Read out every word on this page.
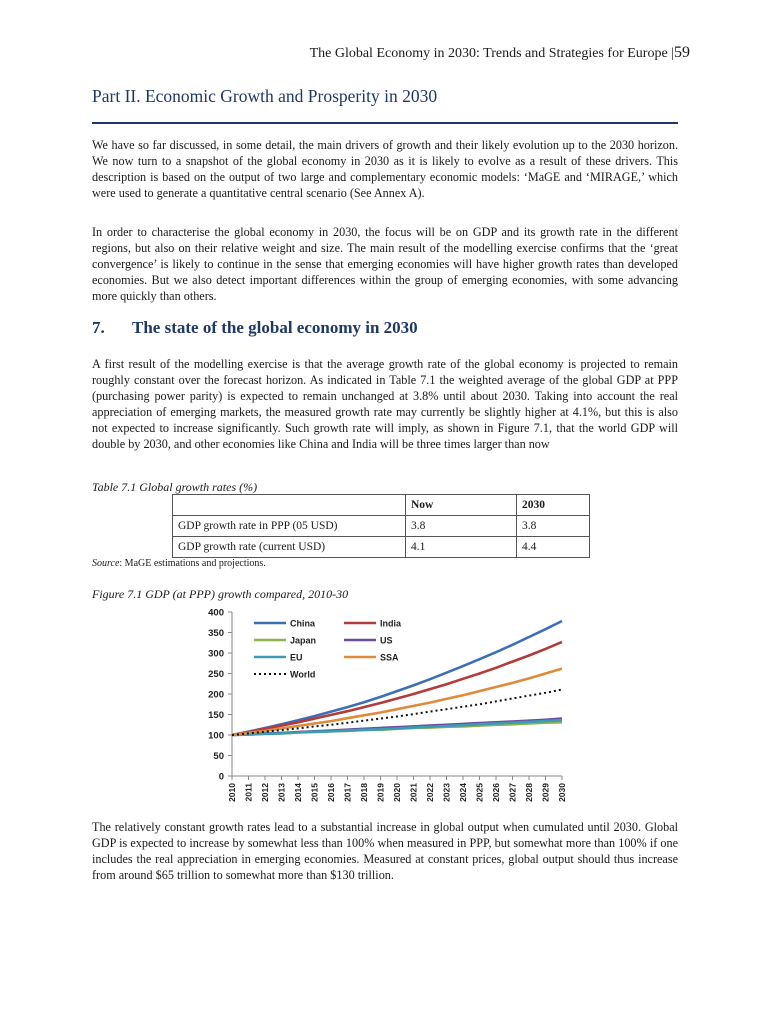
The Global Economy in 2030: Trends and Strategies for Europe |59
Part II. Economic Growth and Prosperity in 2030

We have so far discussed, in some detail, the main drivers of growth and their likely evolution up to the 2030 horizon. We now turn to a snapshot of the global economy in 2030 as it is likely to evolve as a result of these drivers. This description is based on the output of two large and complementary economic models: ‘MaGE and ‘MIRAGE,’ which were used to generate a quantitative central scenario (See Annex A).

In order to characterise the global economy in 2030, the focus will be on GDP and its growth rate in the different regions, but also on their relative weight and size. The main result of the modelling exercise confirms that the ‘great convergence’ is likely to continue in the sense that emerging economies will have higher growth rates than developed economies. But we also detect important differences within the group of emerging economies, with some advancing more quickly than others.

7. The state of the global economy in 2030

A first result of the modelling exercise is that the average growth rate of the global economy is projected to remain roughly constant over the forecast horizon. As indicated in Table 7.1 the weighted average of the global GDP at PPP (purchasing power parity) is expected to remain unchanged at 3.8% until about 2030. Taking into account the real appreciation of emerging markets, the measured growth rate may currently be slightly higher at 4.1%, but this is also not expected to increase significantly. Such growth rate will imply, as shown in Figure 7.1, that the world GDP will double by 2030, and other economies like China and India will be three times larger than now

Table 7.1 Global growth rates (%)

	Now	2030
GDP growth rate in PPP (05 USD)	3.8	3.8
GDP growth rate (current USD)	4.1	4.4

Source: MaGE estimations and projections.

Figure 7.1 GDP (at PPP) growth compared, 2010-30

0
50
100
150
200
250
300
350
400
2010 2011 2012 2013 2014 2015 2016 2017 2018 2019 2020 2021 2022 2023 2024 2025 2026 2027 2028 2029 2030
China	India
Japan	US
EU	SSA
World

The relatively constant growth rates lead to a substantial increase in global output when cumulated until 2030. Global GDP is expected to increase by somewhat less than 100% when measured in PPP, but somewhat more than 100% if one includes the real appreciation in emerging economies. Measured at constant prices, global output should thus increase from around $65 trillion to somewhat more than $130 trillion.
